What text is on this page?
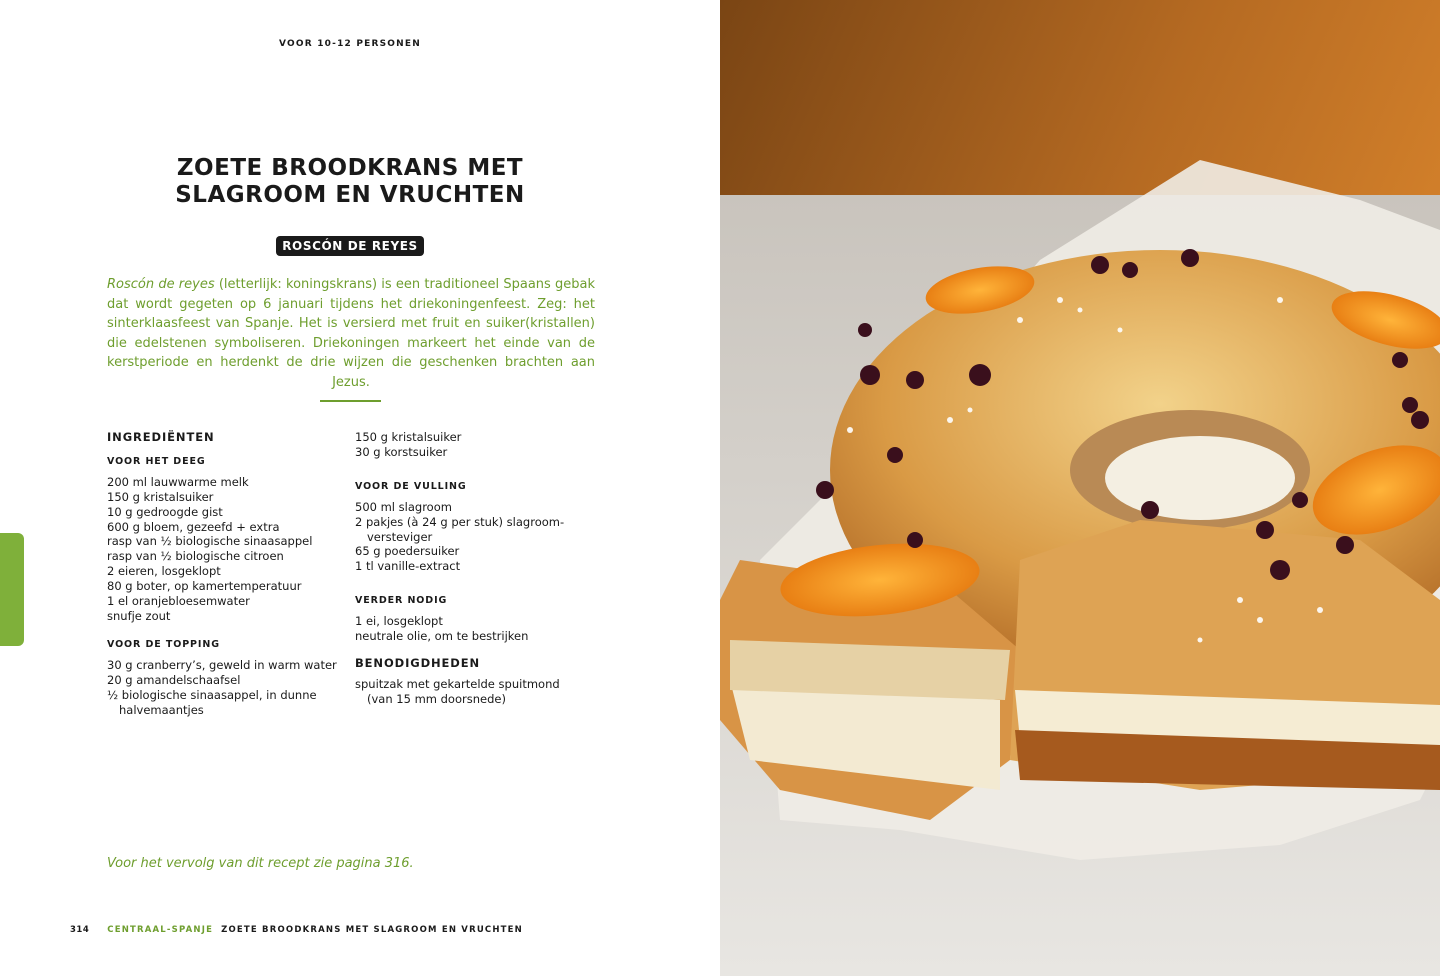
VOOR 10-12 PERSONEN
ZOETE BROODKRANS MET
SLAGROOM EN VRUCHTEN
ROSCÓN DE REYES
Roscón de reyes (letterlijk: koningskrans) is een traditioneel Spaans gebak dat wordt gegeten op 6 januari tijdens het driekoningenfeest. Zeg: het sinterklaasfeest van Spanje. Het is versierd met fruit en suiker(kristallen) die edelstenen symboliseren. Driekoningen markeert het einde van de kerstperiode en herdenkt de drie wijzen die geschenken brachten aan Jezus.
INGREDIËNTEN
VOOR HET DEEG
200 ml lauwwarme melk
150 g kristalsuiker
10 g gedroogde gist
600 g bloem, gezeefd + extra
rasp van ½ biologische sinaasappel
rasp van ½ biologische citroen
2 eieren, losgeklopt
80 g boter, op kamertemperatuur
1 el oranjebloesemwater
snufje zout
VOOR DE TOPPING
30 g cranberry’s, geweld in warm water
20 g amandelschaafsel
½ biologische sinaasappel, in dunne halvemaantjes
150 g kristalsuiker
30 g korstsuiker
VOOR DE VULLING
500 ml slagroom
2 pakjes (à 24 g per stuk) slagroomversteviger
65 g poedersuiker
1 tl vanille-extract
VERDER NODIG
1 ei, losgeklopt
neutrale olie, om te bestrijken
BENODIGDHEDEN
spuitzak met gekartelde spuitmond (van 15 mm doorsnede)
Voor het vervolg van dit recept zie pagina 316.
314 CENTRAAL-SPANJE ZOETE BROODKRANS MET SLAGROOM EN VRUCHTEN
